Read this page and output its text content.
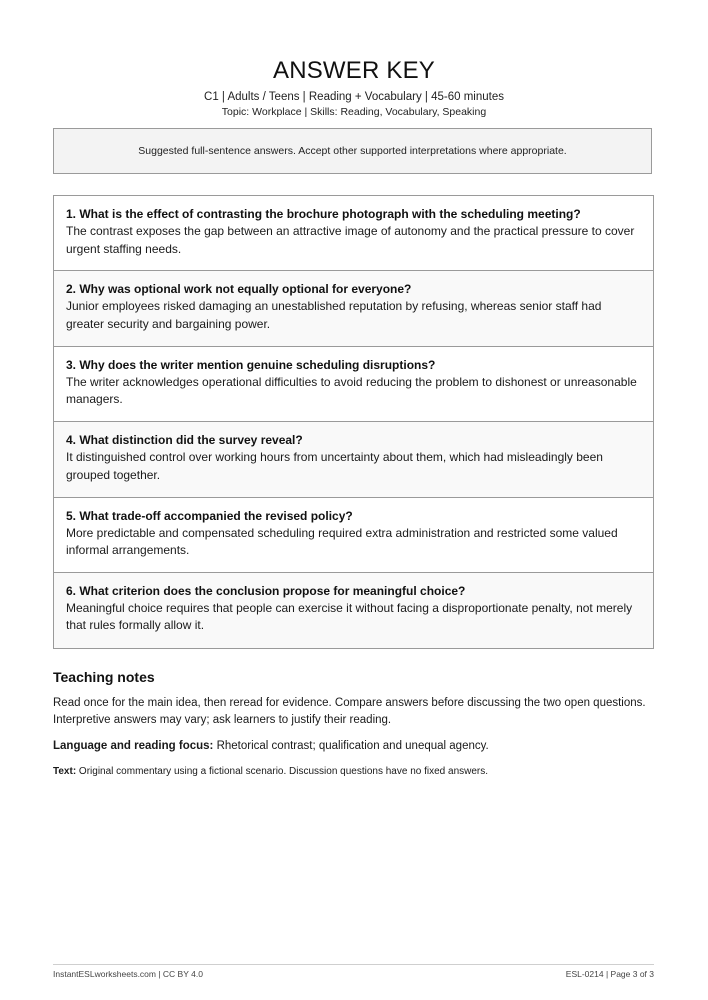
ANSWER KEY
C1 | Adults / Teens | Reading + Vocabulary | 45-60 minutes
Topic: Workplace | Skills: Reading, Vocabulary, Speaking
Suggested full-sentence answers. Accept other supported interpretations where appropriate.
1. What is the effect of contrasting the brochure photograph with the scheduling meeting?
The contrast exposes the gap between an attractive image of autonomy and the practical pressure to cover urgent staffing needs.
2. Why was optional work not equally optional for everyone?
Junior employees risked damaging an unestablished reputation by refusing, whereas senior staff had greater security and bargaining power.
3. Why does the writer mention genuine scheduling disruptions?
The writer acknowledges operational difficulties to avoid reducing the problem to dishonest or unreasonable managers.
4. What distinction did the survey reveal?
It distinguished control over working hours from uncertainty about them, which had misleadingly been grouped together.
5. What trade-off accompanied the revised policy?
More predictable and compensated scheduling required extra administration and restricted some valued informal arrangements.
6. What criterion does the conclusion propose for meaningful choice?
Meaningful choice requires that people can exercise it without facing a disproportionate penalty, not merely that rules formally allow it.
Teaching notes
Read once for the main idea, then reread for evidence. Compare answers before discussing the two open questions. Interpretive answers may vary; ask learners to justify their reading.
Language and reading focus: Rhetorical contrast; qualification and unequal agency.
Text: Original commentary using a fictional scenario. Discussion questions have no fixed answers.
InstantESLworksheets.com | CC BY 4.0	ESL-0214 | Page 3 of 3
